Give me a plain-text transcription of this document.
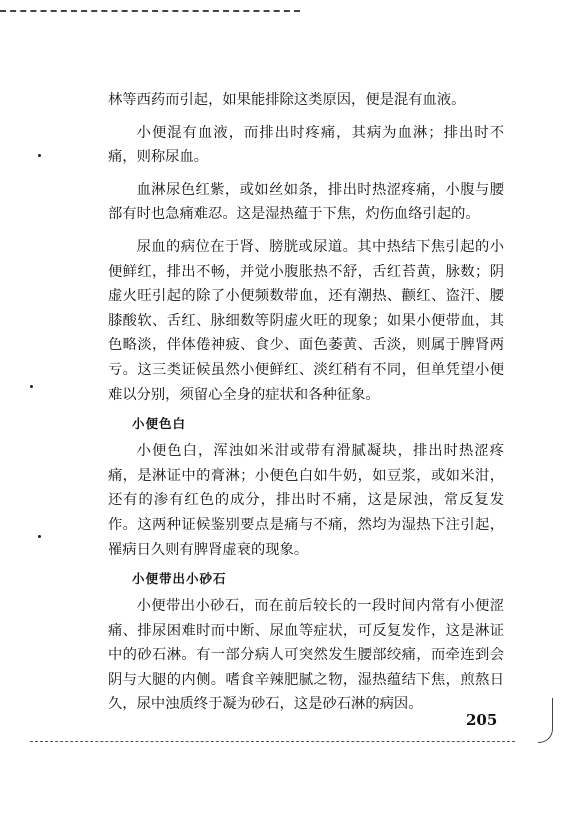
林等西药而引起，如果能排除这类原因，便是混有血液。

小便混有血液，而排出时疼痛，其病为血淋；排出时不痛，则称尿血。

血淋尿色红紫，或如丝如条，排出时热涩疼痛，小腹与腰部有时也急痛难忍。这是湿热蕴于下焦，灼伤血络引起的。

尿血的病位在于肾、膀胱或尿道。其中热结下焦引起的小便鲜红，排出不畅，并觉小腹胀热不舒，舌红苔黄，脉数；阴虚火旺引起的除了小便频数带血，还有潮热、颧红、盗汗、腰膝酸软、舌红、脉细数等阴虚火旺的现象；如果小便带血，其色略淡，伴体倦神疲、食少、面色萎黄、舌淡，则属于脾肾两亏。这三类证候虽然小便鲜红、淡红稍有不同，但单凭望小便难以分别，须留心全身的症状和各种征象。

小便色白

小便色白，浑浊如米泔或带有滑腻凝块，排出时热涩疼痛，是淋证中的膏淋；小便色白如牛奶，如豆浆，或如米泔，还有的渗有红色的成分，排出时不痛，这是尿浊，常反复发作。这两种证候鉴别要点是痛与不痛，然均为湿热下注引起，罹病日久则有脾肾虚衰的现象。

小便带出小砂石

小便带出小砂石，而在前后较长的一段时间内常有小便涩痛、排尿困难时而中断、尿血等症状，可反复发作，这是淋证中的砂石淋。有一部分病人可突然发生腰部绞痛，而牵连到会阴与大腿的内侧。嗜食辛辣肥腻之物，湿热蕴结下焦，煎熬日久，尿中浊质终于凝为砂石，这是砂石淋的病因。

205
